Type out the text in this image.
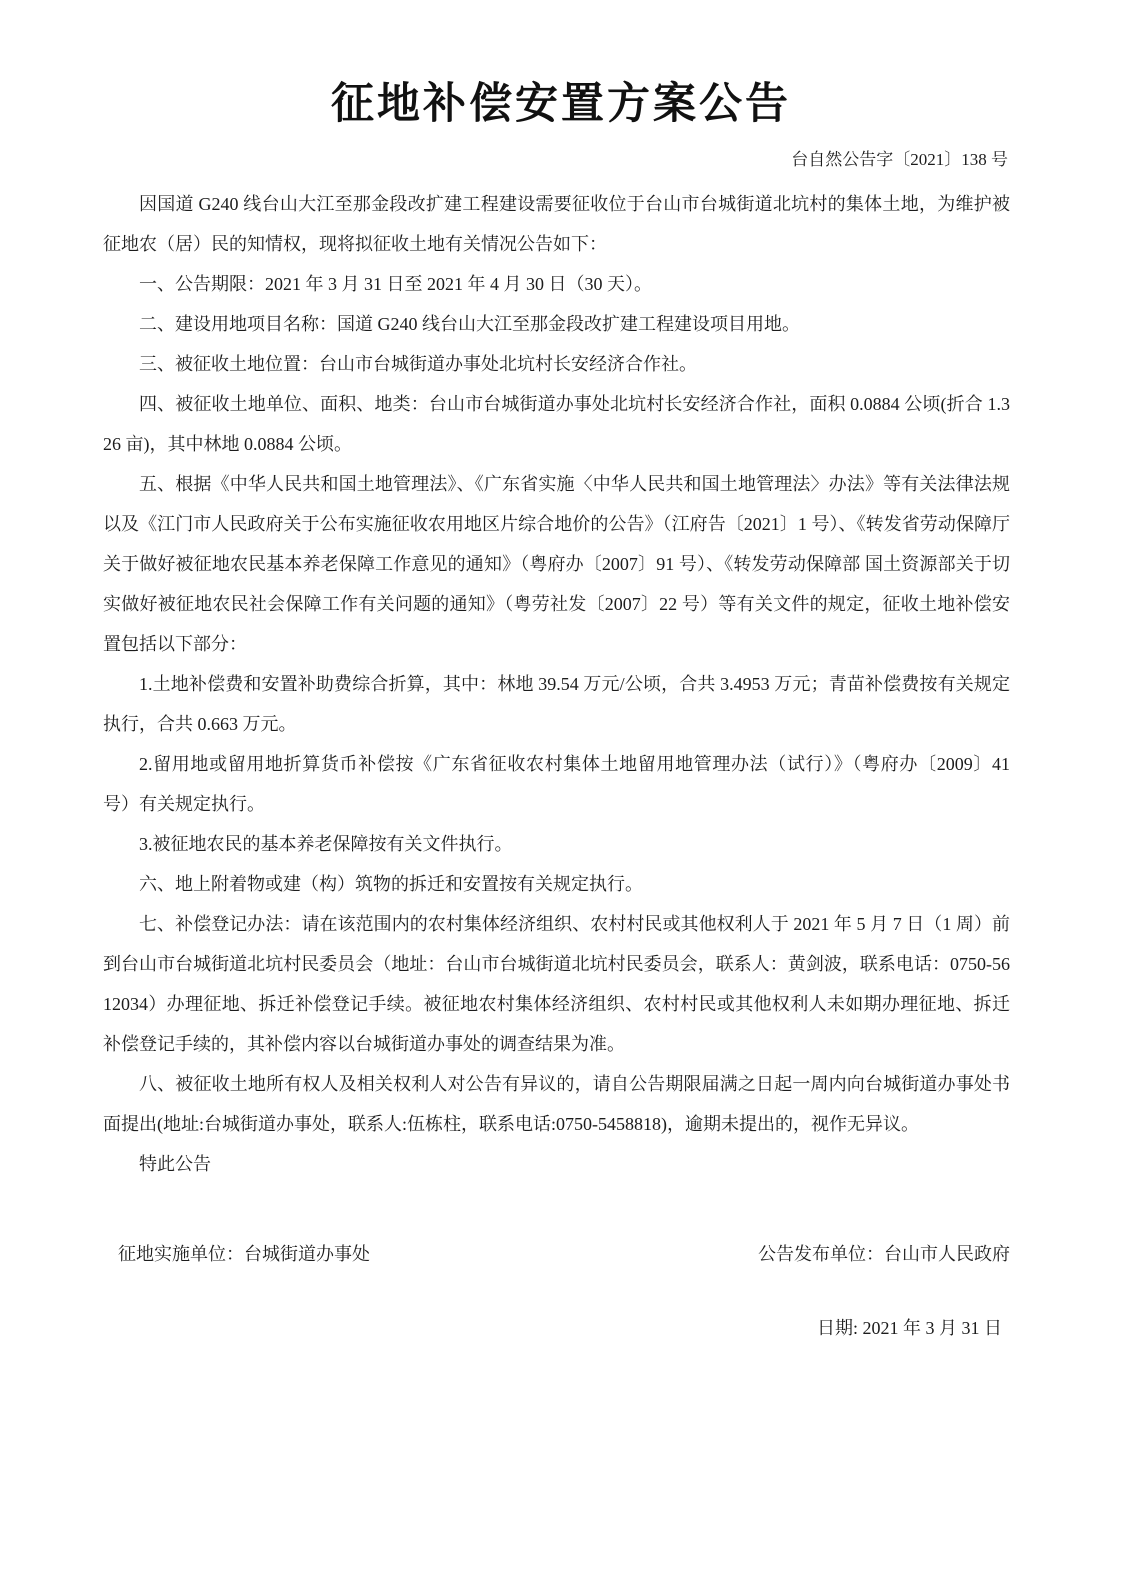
征地补偿安置方案公告
台自然公告字〔2021〕138 号

因国道 G240 线台山大江至那金段改扩建工程建设需要征收位于台山市台城街道北坑村的集体土地，为维护被征地农（居）民的知情权，现将拟征收土地有关情况公告如下：

一、公告期限：2021 年 3 月 31 日至 2021 年 4 月 30 日（30 天）。

二、建设用地项目名称：国道 G240 线台山大江至那金段改扩建工程建设项目用地。

三、被征收土地位置：台山市台城街道办事处北坑村长安经济合作社。

四、被征收土地单位、面积、地类：台山市台城街道办事处北坑村长安经济合作社，面积 0.0884 公顷(折合 1.326 亩)，其中林地 0.0884 公顷。

五、根据《中华人民共和国土地管理法》、《广东省实施〈中华人民共和国土地管理法〉办法》等有关法律法规以及《江门市人民政府关于公布实施征收农用地区片综合地价的公告》（江府告〔2021〕1 号）、《转发省劳动保障厅关于做好被征地农民基本养老保障工作意见的通知》（粤府办〔2007〕91 号）、《转发劳动保障部 国土资源部关于切实做好被征地农民社会保障工作有关问题的通知》（粤劳社发〔2007〕22 号）等有关文件的规定，征收土地补偿安置包括以下部分：

1.土地补偿费和安置补助费综合折算，其中：林地 39.54 万元/公顷，合共 3.4953 万元；青苗补偿费按有关规定执行，合共 0.663 万元。

2.留用地或留用地折算货币补偿按《广东省征收农村集体土地留用地管理办法（试行）》（粤府办〔2009〕41 号）有关规定执行。

3.被征地农民的基本养老保障按有关文件执行。

六、地上附着物或建（构）筑物的拆迁和安置按有关规定执行。

七、补偿登记办法：请在该范围内的农村集体经济组织、农村村民或其他权利人于 2021 年 5 月 7 日（1 周）前到台山市台城街道北坑村民委员会（地址：台山市台城街道北坑村民委员会，联系人：黄剑波，联系电话：0750-5612034）办理征地、拆迁补偿登记手续。被征地农村集体经济组织、农村村民或其他权利人未如期办理征地、拆迁补偿登记手续的，其补偿内容以台城街道办事处的调查结果为准。

八、被征收土地所有权人及相关权利人对公告有异议的，请自公告期限届满之日起一周内向台城街道办事处书面提出(地址:台城街道办事处，联系人:伍栋柱，联系电话:0750-5458818)，逾期未提出的，视作无异议。

特此公告

征地实施单位：台城街道办事处	公告发布单位：台山市人民政府
日期: 2021 年 3 月 31 日
